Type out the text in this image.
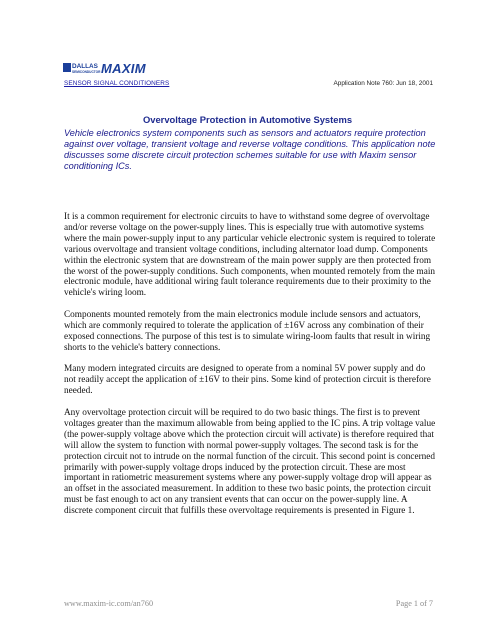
DALLAS
SEMICONDUCTOR MAXIM
SENSOR SIGNAL CONDITIONERS	Application Note 760: Jun 18, 2001
Overvoltage Protection in Automotive Systems

Vehicle electronics system components such as sensors and actuators require protection against over voltage, transient voltage and reverse voltage conditions. This application note discusses some discrete circuit protection schemes suitable for use with Maxim sensor conditioning ICs.

It is a common requirement for electronic circuits to have to withstand some degree of overvoltage and/or reverse voltage on the power-supply lines. This is especially true with automotive systems where the main power-supply input to any particular vehicle electronic system is required to tolerate various overvoltage and transient voltage conditions, including alternator load dump. Components within the electronic system that are downstream of the main power supply are then protected from the worst of the power-supply conditions. Such components, when mounted remotely from the main electronic module, have additional wiring fault tolerance requirements due to their proximity to the vehicle's wiring loom.

Components mounted remotely from the main electronics module include sensors and actuators, which are commonly required to tolerate the application of ±16V across any combination of their exposed connections. The purpose of this test is to simulate wiring-loom faults that result in wiring shorts to the vehicle's battery connections.

Many modern integrated circuits are designed to operate from a nominal 5V power supply and do not readily accept the application of ±16V to their pins. Some kind of protection circuit is therefore needed.

Any overvoltage protection circuit will be required to do two basic things. The first is to prevent voltages greater than the maximum allowable from being applied to the IC pins. A trip voltage value (the power-supply voltage above which the protection circuit will activate) is therefore required that will allow the system to function with normal power-supply voltages. The second task is for the protection circuit not to intrude on the normal function of the circuit. This second point is concerned primarily with power-supply voltage drops induced by the protection circuit. These are most important in ratiometric measurement systems where any power-supply voltage drop will appear as an offset in the associated measurement. In addition to these two basic points, the protection circuit must be fast enough to act on any transient events that can occur on the power-supply line. A discrete component circuit that fulfills these overvoltage requirements is presented in Figure 1.

www.maxim-ic.com/an760	Page 1 of 7
